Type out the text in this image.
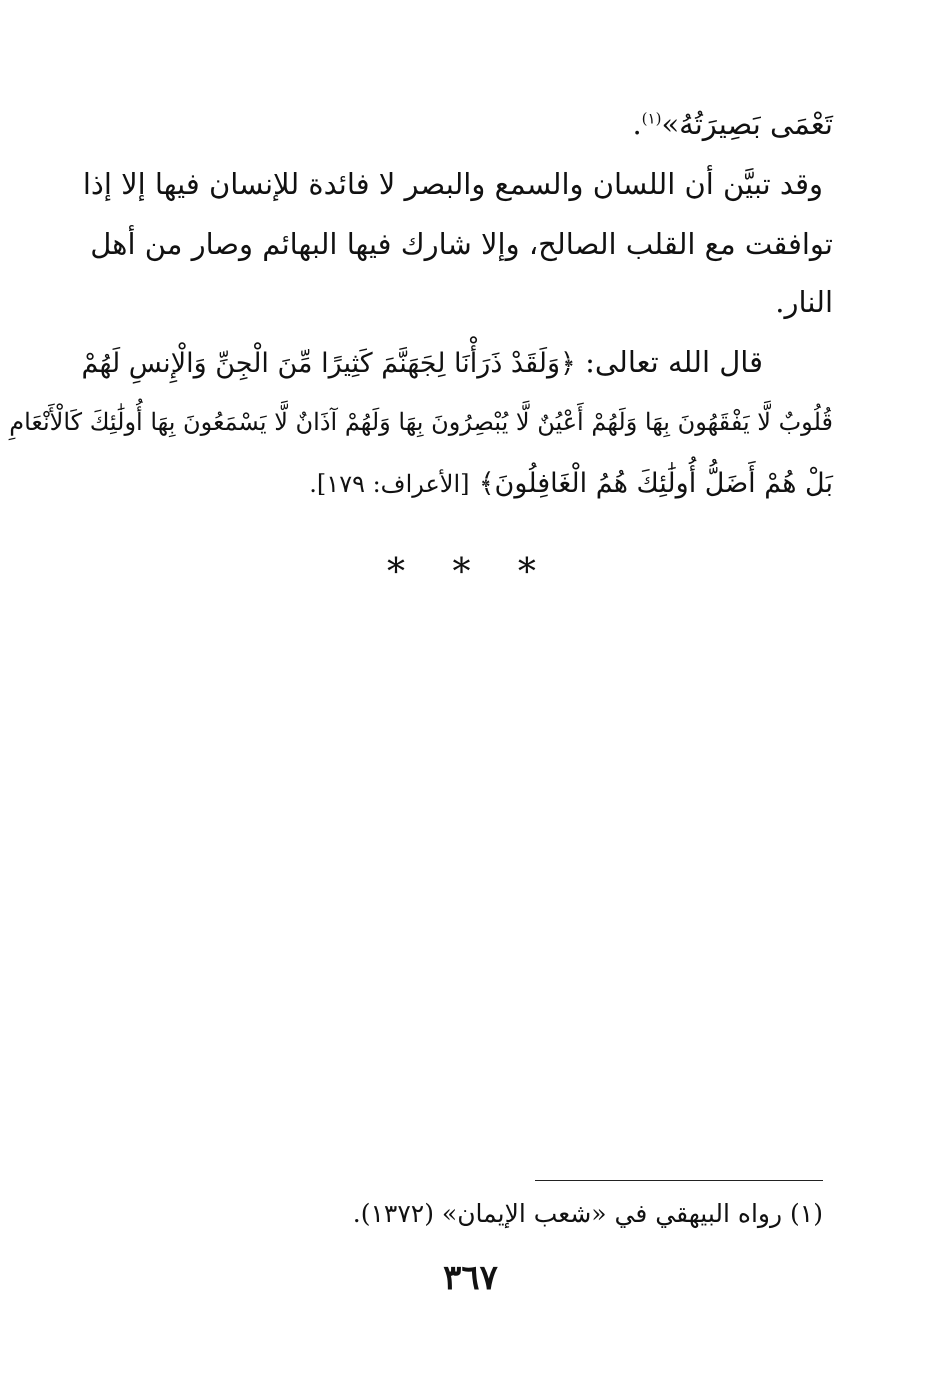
تَعْمَى بَصِيرَتُهُ»$^{(١)}$.
وقد تبيَّن أن اللسان والسمع والبصر لا فائدة للإنسان فيها إلا إذا
توافقت مع القلب الصالح، وإلا شارك فيها البهائم وصار من أهل
النار.
قال الله تعالى: ﴿وَلَقَدْ ذَرَأْنَا لِجَهَنَّمَ كَثِيرًا مِّنَ الْجِنِّ وَالْإِنسِ لَهُمْ
قُلُوبٌ لَّا يَفْقَهُونَ بِهَا وَلَهُمْ أَعْيُنٌ لَّا يُبْصِرُونَ بِهَا وَلَهُمْ آذَانٌ لَّا يَسْمَعُونَ بِهَا أُولَٰئِكَ كَالْأَنْعَامِ
بَلْ هُمْ أَضَلُّ أُولَٰئِكَ هُمُ الْغَافِلُونَ﴾ [الأعراف: ١٧٩].
* * *
(١) رواه البيهقي في «شعب الإيمان» (١٣٧٢).
٣٦٧
